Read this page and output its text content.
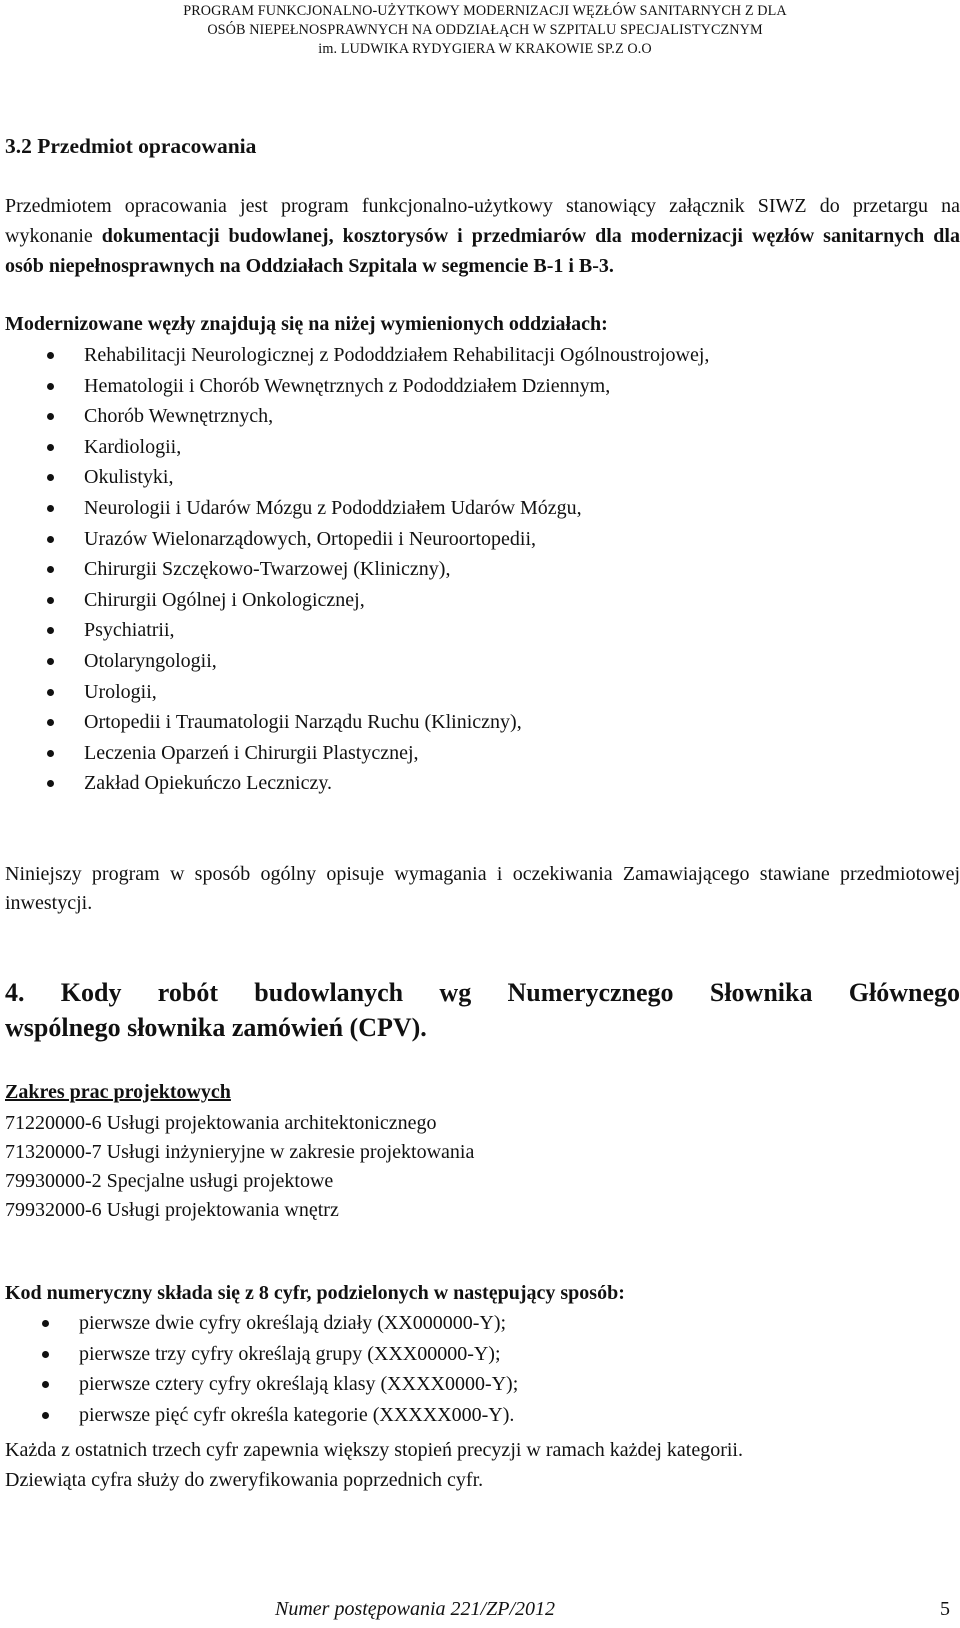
PROGRAM FUNKCJONALNO-UŻYTKOWY MODERNIZACJI WĘZŁÓW SANITARNYCH Z DLA
OSÓB NIEPEŁNOSPRAWNYCH NA ODDZIAŁĄCH W SZPITALU SPECJALISTYCZNYM
im. LUDWIKA RYDYGIERA W KRAKOWIE SP.Z O.O
3.2 Przedmiot opracowania
Przedmiotem opracowania jest program funkcjonalno-użytkowy stanowiący załącznik SIWZ do przetargu na wykonanie dokumentacji budowlanej, kosztorysów i przedmiarów dla modernizacji węzłów sanitarnych dla osób niepełnosprawnych na Oddziałach Szpitala w segmencie B-1 i B-3.
Modernizowane węzły znajdują się na niżej wymienionych oddziałach:
Rehabilitacji Neurologicznej z Pododdziałem Rehabilitacji Ogólnoustrojowej,
Hematologii i Chorób Wewnętrznych z Pododdziałem Dziennym,
Chorób Wewnętrznych,
Kardiologii,
Okulistyki,
Neurologii i Udarów Mózgu z Pododdziałem Udarów Mózgu,
Urazów Wielonarządowych, Ortopedii i Neuroortopedii,
Chirurgii Szczękowo-Twarzowej (Kliniczny),
Chirurgii Ogólnej i Onkologicznej,
Psychiatrii,
Otolaryngologii,
Urologii,
Ortopedii i Traumatologii Narządu Ruchu (Kliniczny),
Leczenia Oparzeń i Chirurgii Plastycznej,
Zakład Opiekuńczo Leczniczy.
Niniejszy program w sposób ogólny opisuje wymagania i oczekiwania Zamawiającego stawiane przedmiotowej inwestycji.
4. Kody robót budowlanych wg Numerycznego Słownika Głównego
wspólnego słownika zamówień (CPV).
Zakres prac projektowych
71220000-6 Usługi projektowania architektonicznego
71320000-7 Usługi inżynieryjne w zakresie projektowania
79930000-2 Specjalne usługi projektowe
79932000-6 Usługi projektowania wnętrz
Kod numeryczny składa się z 8 cyfr, podzielonych w następujący sposób:
pierwsze dwie cyfry określają działy (XX000000-Y);
pierwsze trzy cyfry określają grupy (XXX00000-Y);
pierwsze cztery cyfry określają klasy (XXXX0000-Y);
pierwsze pięć cyfr określa kategorie (XXXXX000-Y).
Każda z ostatnich trzech cyfr zapewnia większy stopień precyzji w ramach każdej kategorii.
Dziewiąta cyfra służy do zweryfikowania poprzednich cyfr.
Numer postępowania 221/ZP/2012	5
